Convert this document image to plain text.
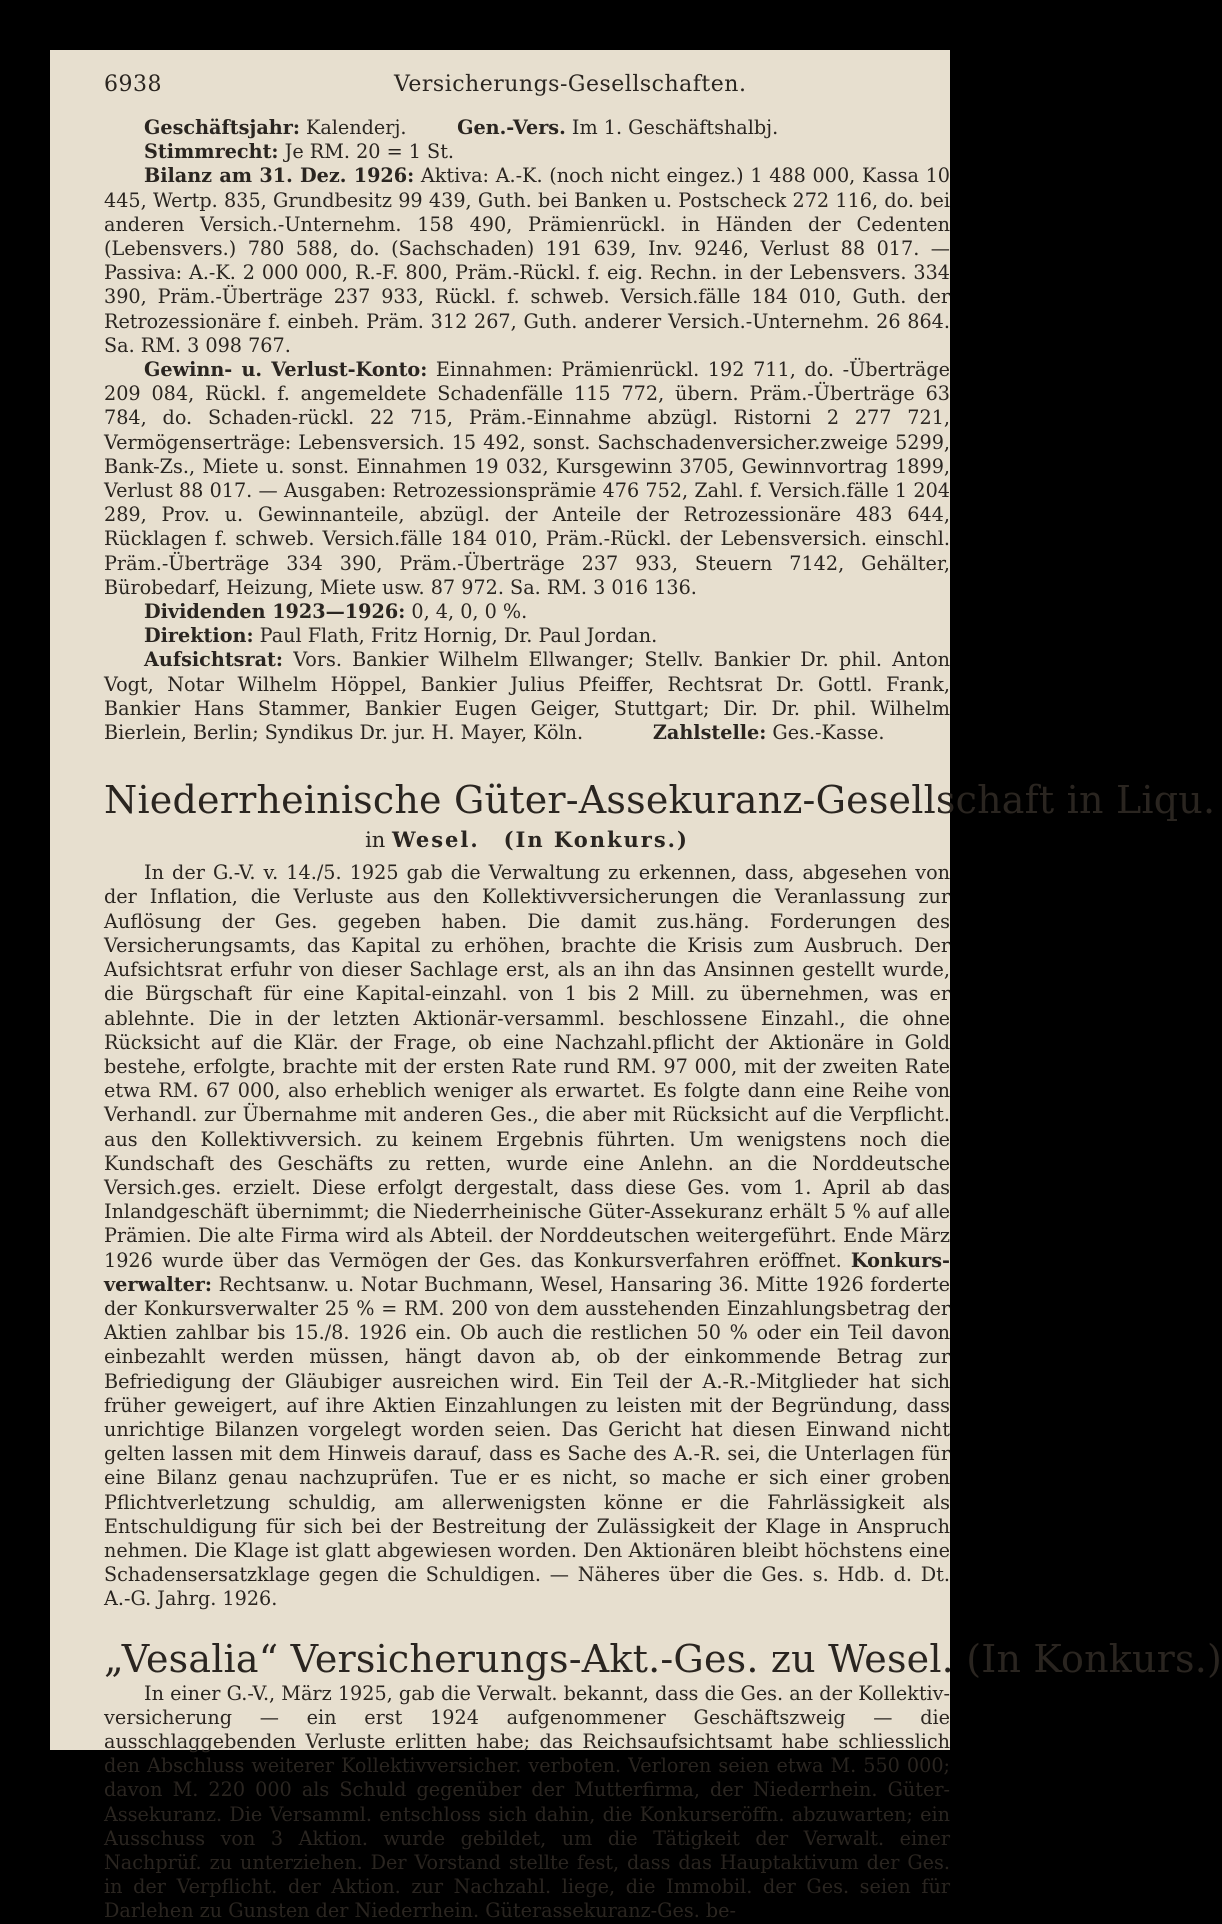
6938	Versicherungs-Gesellschaften.

Geschäftsjahr: Kalenderj.   	Gen.-Vers. Im 1. Geschäftshalbj.

Stimmrecht: Je RM. 20 = 1 St.

Bilanz am 31. Dez. 1926: Aktiva: A.-K. (noch nicht eingez.) 1 488 000, Kassa 10 445, Wertp. 835, Grundbesitz 99 439, Guth. bei Banken u. Postscheck 272 116, do. bei anderen Versich.-Unternehm. 158 490, Prämienrückl. in Händen der Cedenten (Lebensvers.) 780 588, do. (Sachschaden) 191 639, Inv. 9246, Verlust 88 017. — Passiva: A.-K. 2 000 000, R.-F. 800, Präm.-Rückl. f. eig. Rechn. in der Lebensvers. 334 390, Präm.-Überträge 237 933, Rückl. f. schweb. Versich.fälle 184 010, Guth. der Retrozessionäre f. einbeh. Präm. 312 267, Guth. anderer Versich.-Unternehm. 26 864. Sa. RM. 3 098 767.

Gewinn- u. Verlust-Konto: Einnahmen: Prämienrückl. 192 711, do. -Überträge 209 084, Rückl. f. angemeldete Schadenfälle 115 772, übern. Präm.-Überträge 63 784, do. Schaden-rückl. 22 715, Präm.-Einnahme abzügl. Ristorni 2 277 721, Vermögenserträge: Lebensversich. 15 492, sonst. Sachschadenversicher.zweige 5299, Bank-Zs., Miete u. sonst. Einnahmen 19 032, Kursgewinn 3705, Gewinnvortrag 1899, Verlust 88 017. — Ausgaben: Retrozessionsprämie 476 752, Zahl. f. Versich.fälle 1 204 289, Prov. u. Gewinnanteile, abzügl. der Anteile der Retrozessionäre 483 644, Rücklagen f. schweb. Versich.fälle 184 010, Präm.-Rückl. der Lebensversich. einschl. Präm.-Überträge 334 390, Präm.-Überträge 237 933, Steuern 7142, Gehälter, Bürobedarf, Heizung, Miete usw. 87 972. Sa. RM. 3 016 136.

Dividenden 1923—1926: 0, 4, 0, 0 %.

Direktion: Paul Flath, Fritz Hornig, Dr. Paul Jordan.

Aufsichtsrat: Vors. Bankier Wilhelm Ellwanger; Stellv. Bankier Dr. phil. Anton Vogt, Notar Wilhelm Höppel, Bankier Julius Pfeiffer, Rechtsrat Dr. Gottl. Frank, Bankier Hans Stammer, Bankier Eugen Geiger, Stuttgart; Dir. Dr. phil. Wilhelm Bierlein, Berlin; Syndikus Dr. jur. H. Mayer, Köln.    	Zahlstelle: Ges.-Kasse.

Niederrheinische Güter-Assekuranz-Gesellschaft in Liqu.
in Wesel.   (In Konkurs.)

In der G.-V. v. 14./5. 1925 gab die Verwaltung zu erkennen, dass, abgesehen von der Inflation, die Verluste aus den Kollektivversicherungen die Veranlassung zur Auflösung der Ges. gegeben haben. Die damit zus.häng. Forderungen des Versicherungsamts, das Kapital zu erhöhen, brachte die Krisis zum Ausbruch. Der Aufsichtsrat erfuhr von dieser Sachlage erst, als an ihn das Ansinnen gestellt wurde, die Bürgschaft für eine Kapital-einzahl. von 1 bis 2 Mill. zu übernehmen, was er ablehnte. Die in der letzten Aktionär-versamml. beschlossene Einzahl., die ohne Rücksicht auf die Klär. der Frage, ob eine Nachzahl.pflicht der Aktionäre in Gold bestehe, erfolgte, brachte mit der ersten Rate rund RM. 97 000, mit der zweiten Rate etwa RM. 67 000, also erheblich weniger als erwartet. Es folgte dann eine Reihe von Verhandl. zur Übernahme mit anderen Ges., die aber mit Rücksicht auf die Verpflicht. aus den Kollektivversich. zu keinem Ergebnis führten. Um wenigstens noch die Kundschaft des Geschäfts zu retten, wurde eine Anlehn. an die Norddeutsche Versich.ges. erzielt. Diese erfolgt dergestalt, dass diese Ges. vom 1. April ab das Inlandgeschäft übernimmt; die Niederrheinische Güter-Assekuranz erhält 5 % auf alle Prämien. Die alte Firma wird als Abteil. der Norddeutschen weitergeführt. Ende März 1926 wurde über das Vermögen der Ges. das Konkursverfahren eröffnet. Konkurs-verwalter: Rechtsanw. u. Notar Buchmann, Wesel, Hansaring 36. Mitte 1926 forderte der Konkursverwalter 25 % = RM. 200 von dem ausstehenden Einzahlungsbetrag der Aktien zahlbar bis 15./8. 1926 ein. Ob auch die restlichen 50 % oder ein Teil davon einbezahlt werden müssen, hängt davon ab, ob der einkommende Betrag zur Befriedigung der Gläubiger ausreichen wird. Ein Teil der A.-R.-Mitglieder hat sich früher geweigert, auf ihre Aktien Einzahlungen zu leisten mit der Begründung, dass unrichtige Bilanzen vorgelegt worden seien. Das Gericht hat diesen Einwand nicht gelten lassen mit dem Hinweis darauf, dass es Sache des A.-R. sei, die Unterlagen für eine Bilanz genau nachzuprüfen. Tue er es nicht, so mache er sich einer groben Pflichtverletzung schuldig, am allerwenigsten könne er die Fahrlässigkeit als Entschuldigung für sich bei der Bestreitung der Zulässigkeit der Klage in Anspruch nehmen. Die Klage ist glatt abgewiesen worden. Den Aktionären bleibt höchstens eine Schadensersatzklage gegen die Schuldigen. — Näheres über die Ges. s. Hdb. d. Dt. A.-G. Jahrg. 1926.

„Vesalia“ Versicherungs-Akt.-Ges. zu Wesel. (In Konkurs.)

In einer G.-V., März 1925, gab die Verwalt. bekannt, dass die Ges. an der Kollektiv-versicherung — ein erst 1924 aufgenommener Geschäftszweig — die ausschlaggebenden Verluste erlitten habe; das Reichsaufsichtsamt habe schliesslich den Abschluss weiterer Kollektivversicher. verboten. Verloren seien etwa M. 550 000; davon M. 220 000 als Schuld gegenüber der Mutterfirma, der Niederrhein. Güter-Assekuranz. Die Versamml. entschloss sich dahin, die Konkurseröffn. abzuwarten; ein Ausschuss von 3 Aktion. wurde gebildet, um die Tätigkeit der Verwalt. einer Nachprüf. zu unterziehen. Der Vorstand stellte fest, dass das Hauptaktivum der Ges. in der Verpflicht. der Aktion. zur Nachzahl. liege, die Immobil. der Ges. seien für Darlehen zu Gunsten der Niederrhein. Güterassekuranz-Ges. be-
